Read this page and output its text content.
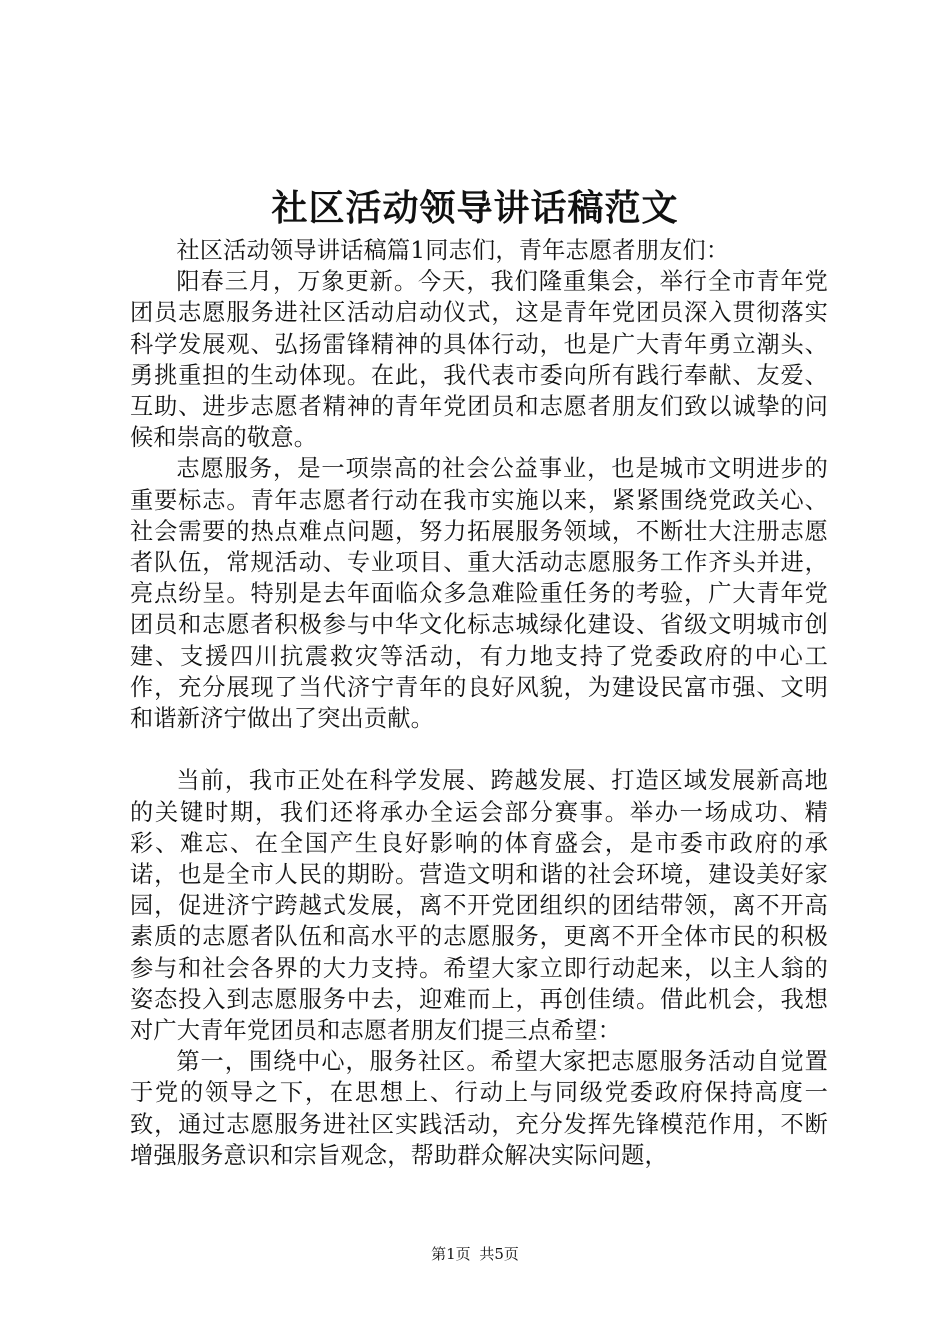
社区活动领导讲话稿范文

社区活动领导讲话稿篇1同志们，青年志愿者朋友们：

阳春三月，万象更新。今天，我们隆重集会，举行全市青年党团员志愿服务进社区活动启动仪式，这是青年党团员深入贯彻落实科学发展观、弘扬雷锋精神的具体行动，也是广大青年勇立潮头、勇挑重担的生动体现。在此，我代表市委向所有践行奉献、友爱、互助、进步志愿者精神的青年党团员和志愿者朋友们致以诚挚的问候和崇高的敬意。

志愿服务，是一项崇高的社会公益事业，也是城市文明进步的重要标志。青年志愿者行动在我市实施以来，紧紧围绕党政关心、社会需要的热点难点问题，努力拓展服务领域，不断壮大注册志愿者队伍，常规活动、专业项目、重大活动志愿服务工作齐头并进，亮点纷呈。特别是去年面临众多急难险重任务的考验，广大青年党团员和志愿者积极参与中华文化标志城绿化建设、省级文明城市创建、支援四川抗震救灾等活动，有力地支持了党委政府的中心工作，充分展现了当代济宁青年的良好风貌，为建设民富市强、文明和谐新济宁做出了突出贡献。

当前，我市正处在科学发展、跨越发展、打造区域发展新高地的关键时期，我们还将承办全运会部分赛事。举办一场成功、精彩、难忘、在全国产生良好影响的体育盛会，是市委市政府的承诺，也是全市人民的期盼。营造文明和谐的社会环境，建设美好家园，促进济宁跨越式发展，离不开党团组织的团结带领，离不开高素质的志愿者队伍和高水平的志愿服务，更离不开全体市民的积极参与和社会各界的大力支持。希望大家立即行动起来，以主人翁的姿态投入到志愿服务中去，迎难而上，再创佳绩。借此机会，我想对广大青年党团员和志愿者朋友们提三点希望：

第一，围绕中心，服务社区。希望大家把志愿服务活动自觉置于党的领导之下，在思想上、行动上与同级党委政府保持高度一致，通过志愿服务进社区实践活动，充分发挥先锋模范作用，不断增强服务意识和宗旨观念，帮助群众解决实际问题，

第1页 共5页
